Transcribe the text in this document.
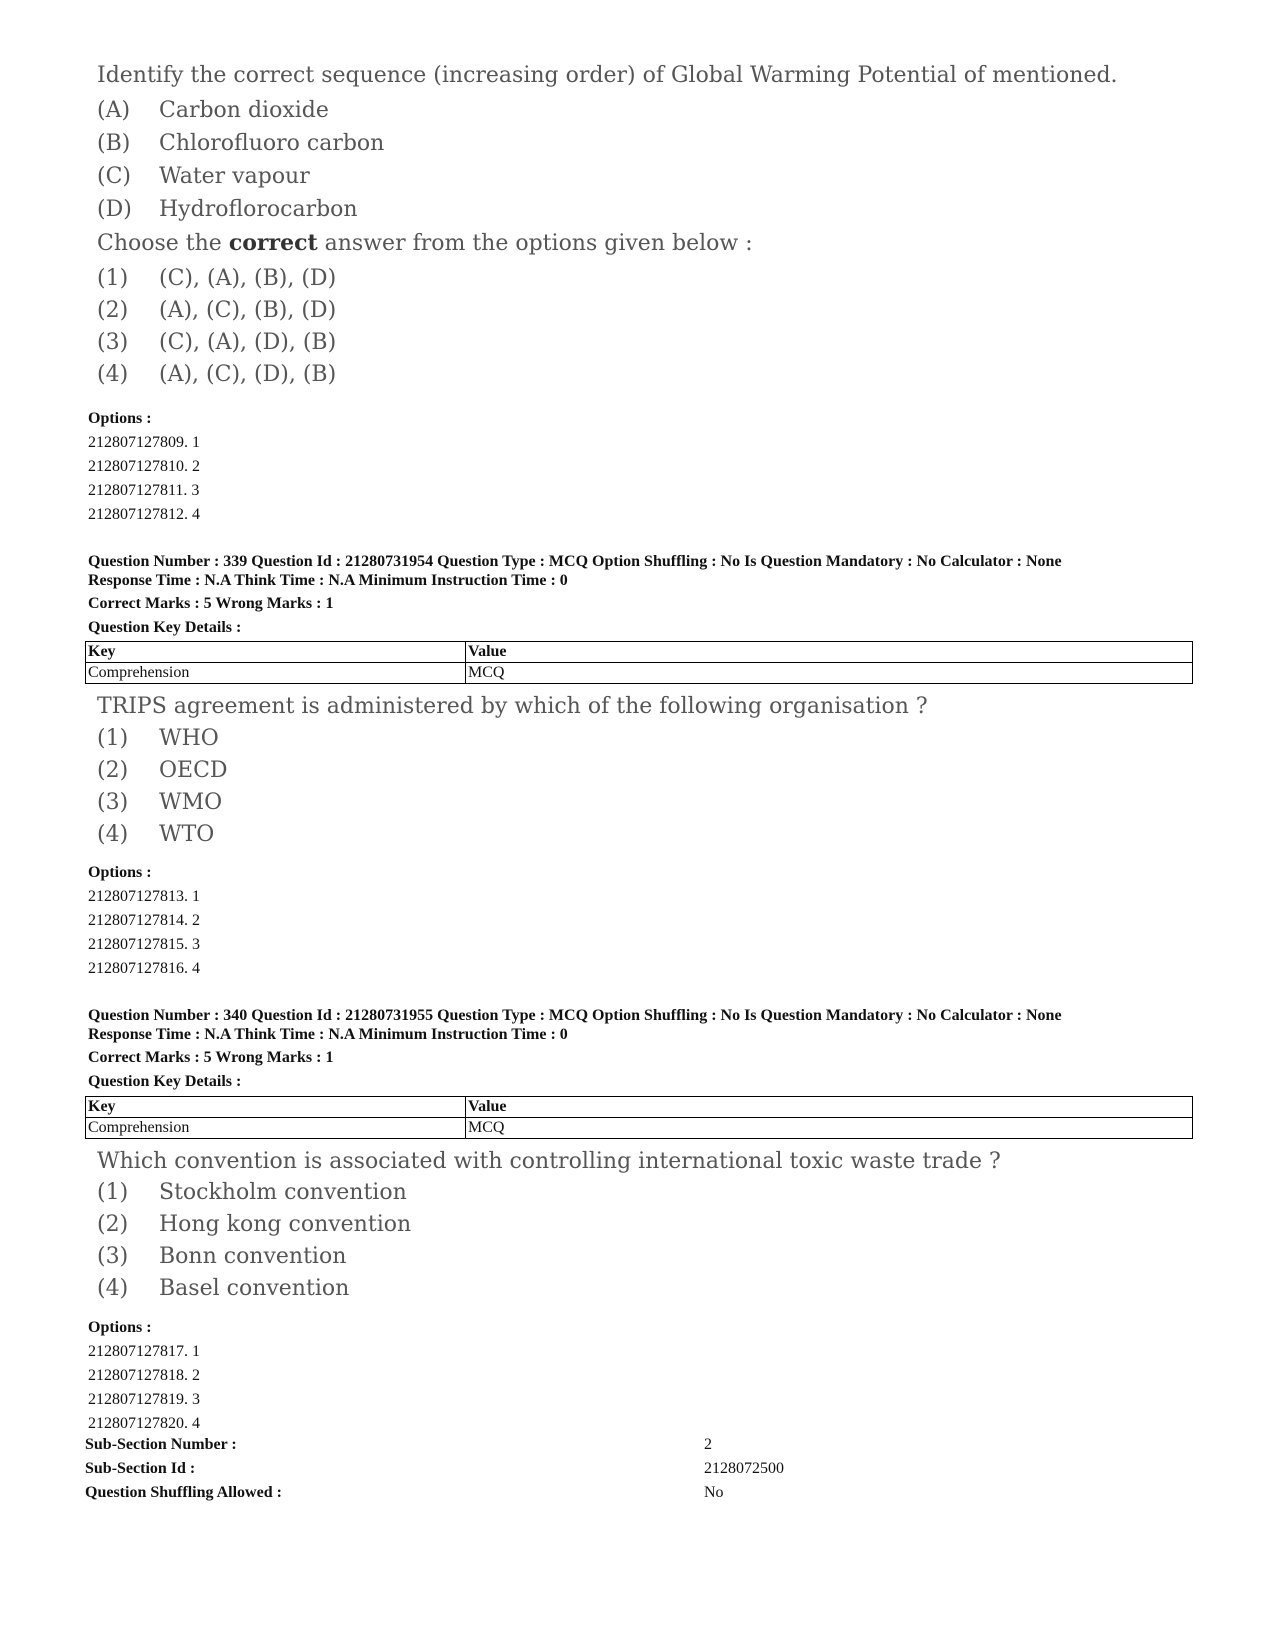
Identify the correct sequence (increasing order) of Global Warming Potential of mentioned.

(A)	Carbon dioxide
(B)	Chlorofluoro carbon
(C)	Water vapour
(D)	Hydroflorocarbon

Choose the correct answer from the options given below :

(1)	(C), (A), (B), (D)
(2)	(A), (C), (B), (D)
(3)	(C), (A), (D), (B)
(4)	(A), (C), (D), (B)

Options :

212807127809. 1

212807127810. 2

212807127811. 3

212807127812. 4

Question Number : 339 Question Id : 21280731954 Question Type : MCQ Option Shuffling : No Is Question Mandatory : No Calculator : None

Response Time : N.A Think Time : N.A Minimum Instruction Time : 0

Correct Marks : 5 Wrong Marks : 1

Question Key Details :

Key	Value
Comprehension	MCQ

TRIPS agreement is administered by which of the following organisation ?

(1)	WHO
(2)	OECD
(3)	WMO
(4)	WTO

Options :

212807127813. 1

212807127814. 2

212807127815. 3

212807127816. 4

Question Number : 340 Question Id : 21280731955 Question Type : MCQ Option Shuffling : No Is Question Mandatory : No Calculator : None

Response Time : N.A Think Time : N.A Minimum Instruction Time : 0

Correct Marks : 5 Wrong Marks : 1

Question Key Details :

Key	Value
Comprehension	MCQ

Which convention is associated with controlling international toxic waste trade ?

(1)	Stockholm convention
(2)	Hong kong convention
(3)	Bonn convention
(4)	Basel convention

Options :

212807127817. 1

212807127818. 2

212807127819. 3

212807127820. 4

Sub-Section Number :	2
Sub-Section Id :	2128072500
Question Shuffling Allowed :	No
